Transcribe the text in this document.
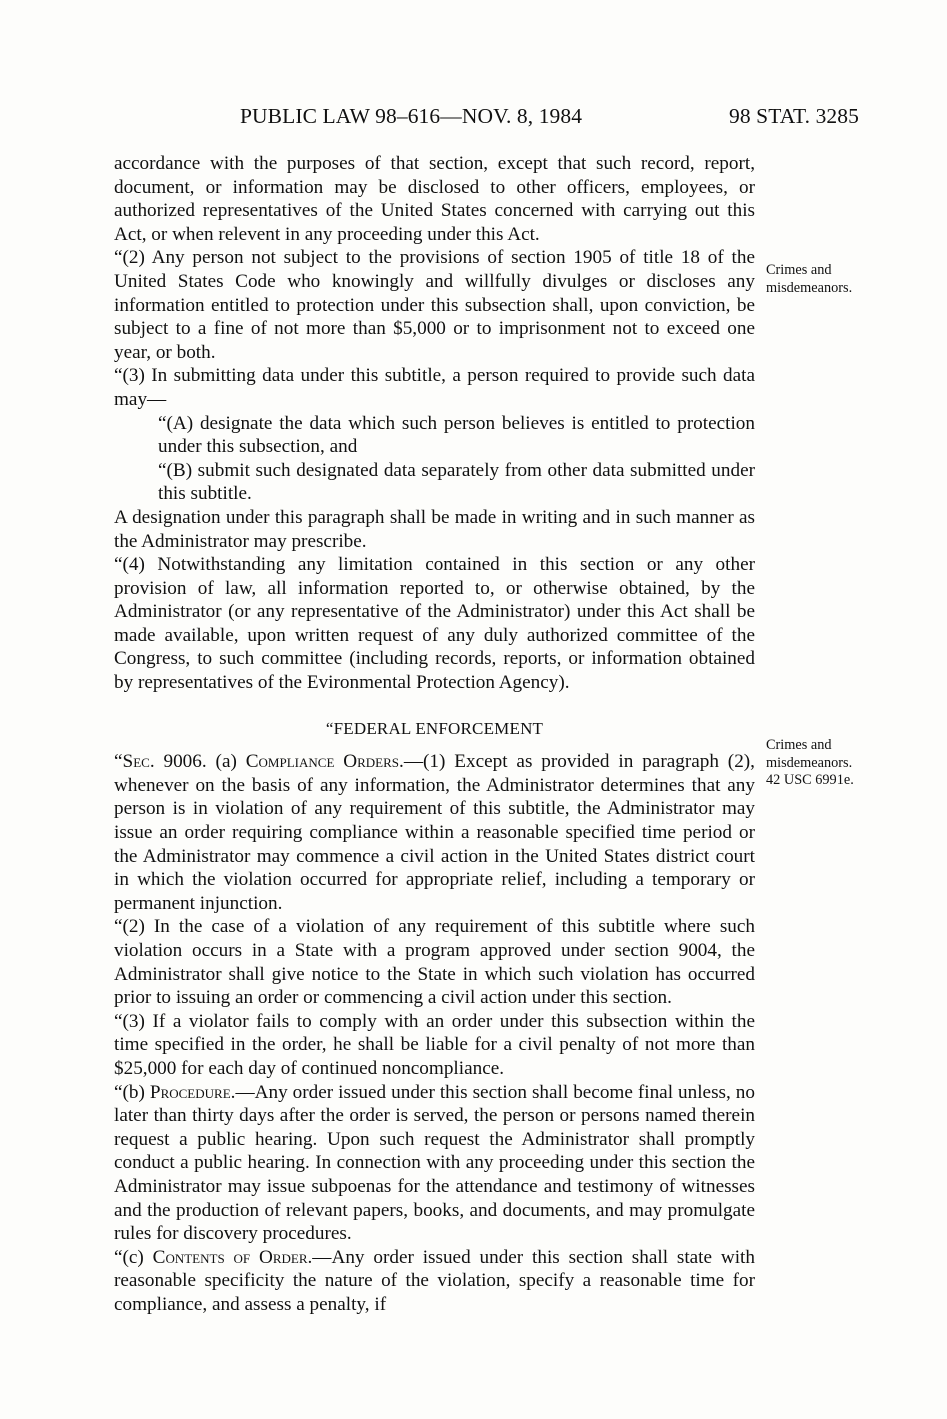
PUBLIC LAW 98–616—NOV. 8, 1984	98 STAT. 3285

accordance with the purposes of that section, except that such record, report, document, or information may be disclosed to other officers, employees, or authorized representatives of the United States concerned with carrying out this Act, or when relevent in any proceeding under this Act.

“(2) Any person not subject to the provisions of section 1905 of title 18 of the United States Code who knowingly and willfully divulges or discloses any information entitled to protection under this subsection shall, upon conviction, be subject to a fine of not more than $5,000 or to imprisonment not to exceed one year, or both.

“(3) In submitting data under this subtitle, a person required to provide such data may—

“(A) designate the data which such person believes is entitled to protection under this subsection, and

“(B) submit such designated data separately from other data submitted under this subtitle.

A designation under this paragraph shall be made in writing and in such manner as the Administrator may prescribe.

“(4) Notwithstanding any limitation contained in this section or any other provision of law, all information reported to, or otherwise obtained, by the Administrator (or any representative of the Administrator) under this Act shall be made available, upon written request of any duly authorized committee of the Congress, to such committee (including records, reports, or information obtained by representatives of the Evironmental Protection Agency).

“FEDERAL ENFORCEMENT

“Sec. 9006. (a) Compliance Orders.—(1) Except as provided in paragraph (2), whenever on the basis of any information, the Administrator determines that any person is in violation of any requirement of this subtitle, the Administrator may issue an order requiring compliance within a reasonable specified time period or the Administrator may commence a civil action in the United States district court in which the violation occurred for appropriate relief, including a temporary or permanent injunction.

“(2) In the case of a violation of any requirement of this subtitle where such violation occurs in a State with a program approved under section 9004, the Administrator shall give notice to the State in which such violation has occurred prior to issuing an order or commencing a civil action under this section.

“(3) If a violator fails to comply with an order under this subsection within the time specified in the order, he shall be liable for a civil penalty of not more than $25,000 for each day of continued noncompliance.

“(b) Procedure.—Any order issued under this section shall become final unless, no later than thirty days after the order is served, the person or persons named therein request a public hearing. Upon such request the Administrator shall promptly conduct a public hearing. In connection with any proceeding under this section the Administrator may issue subpoenas for the attendance and testimony of witnesses and the production of relevant papers, books, and documents, and may promulgate rules for discovery procedures.

“(c) Contents of Order.—Any order issued under this section shall state with reasonable specificity the nature of the violation, specify a reasonable time for compliance, and assess a penalty, if

Crimes and
misdemeanors.
Crimes and
misdemeanors.
42 USC 6991e.
